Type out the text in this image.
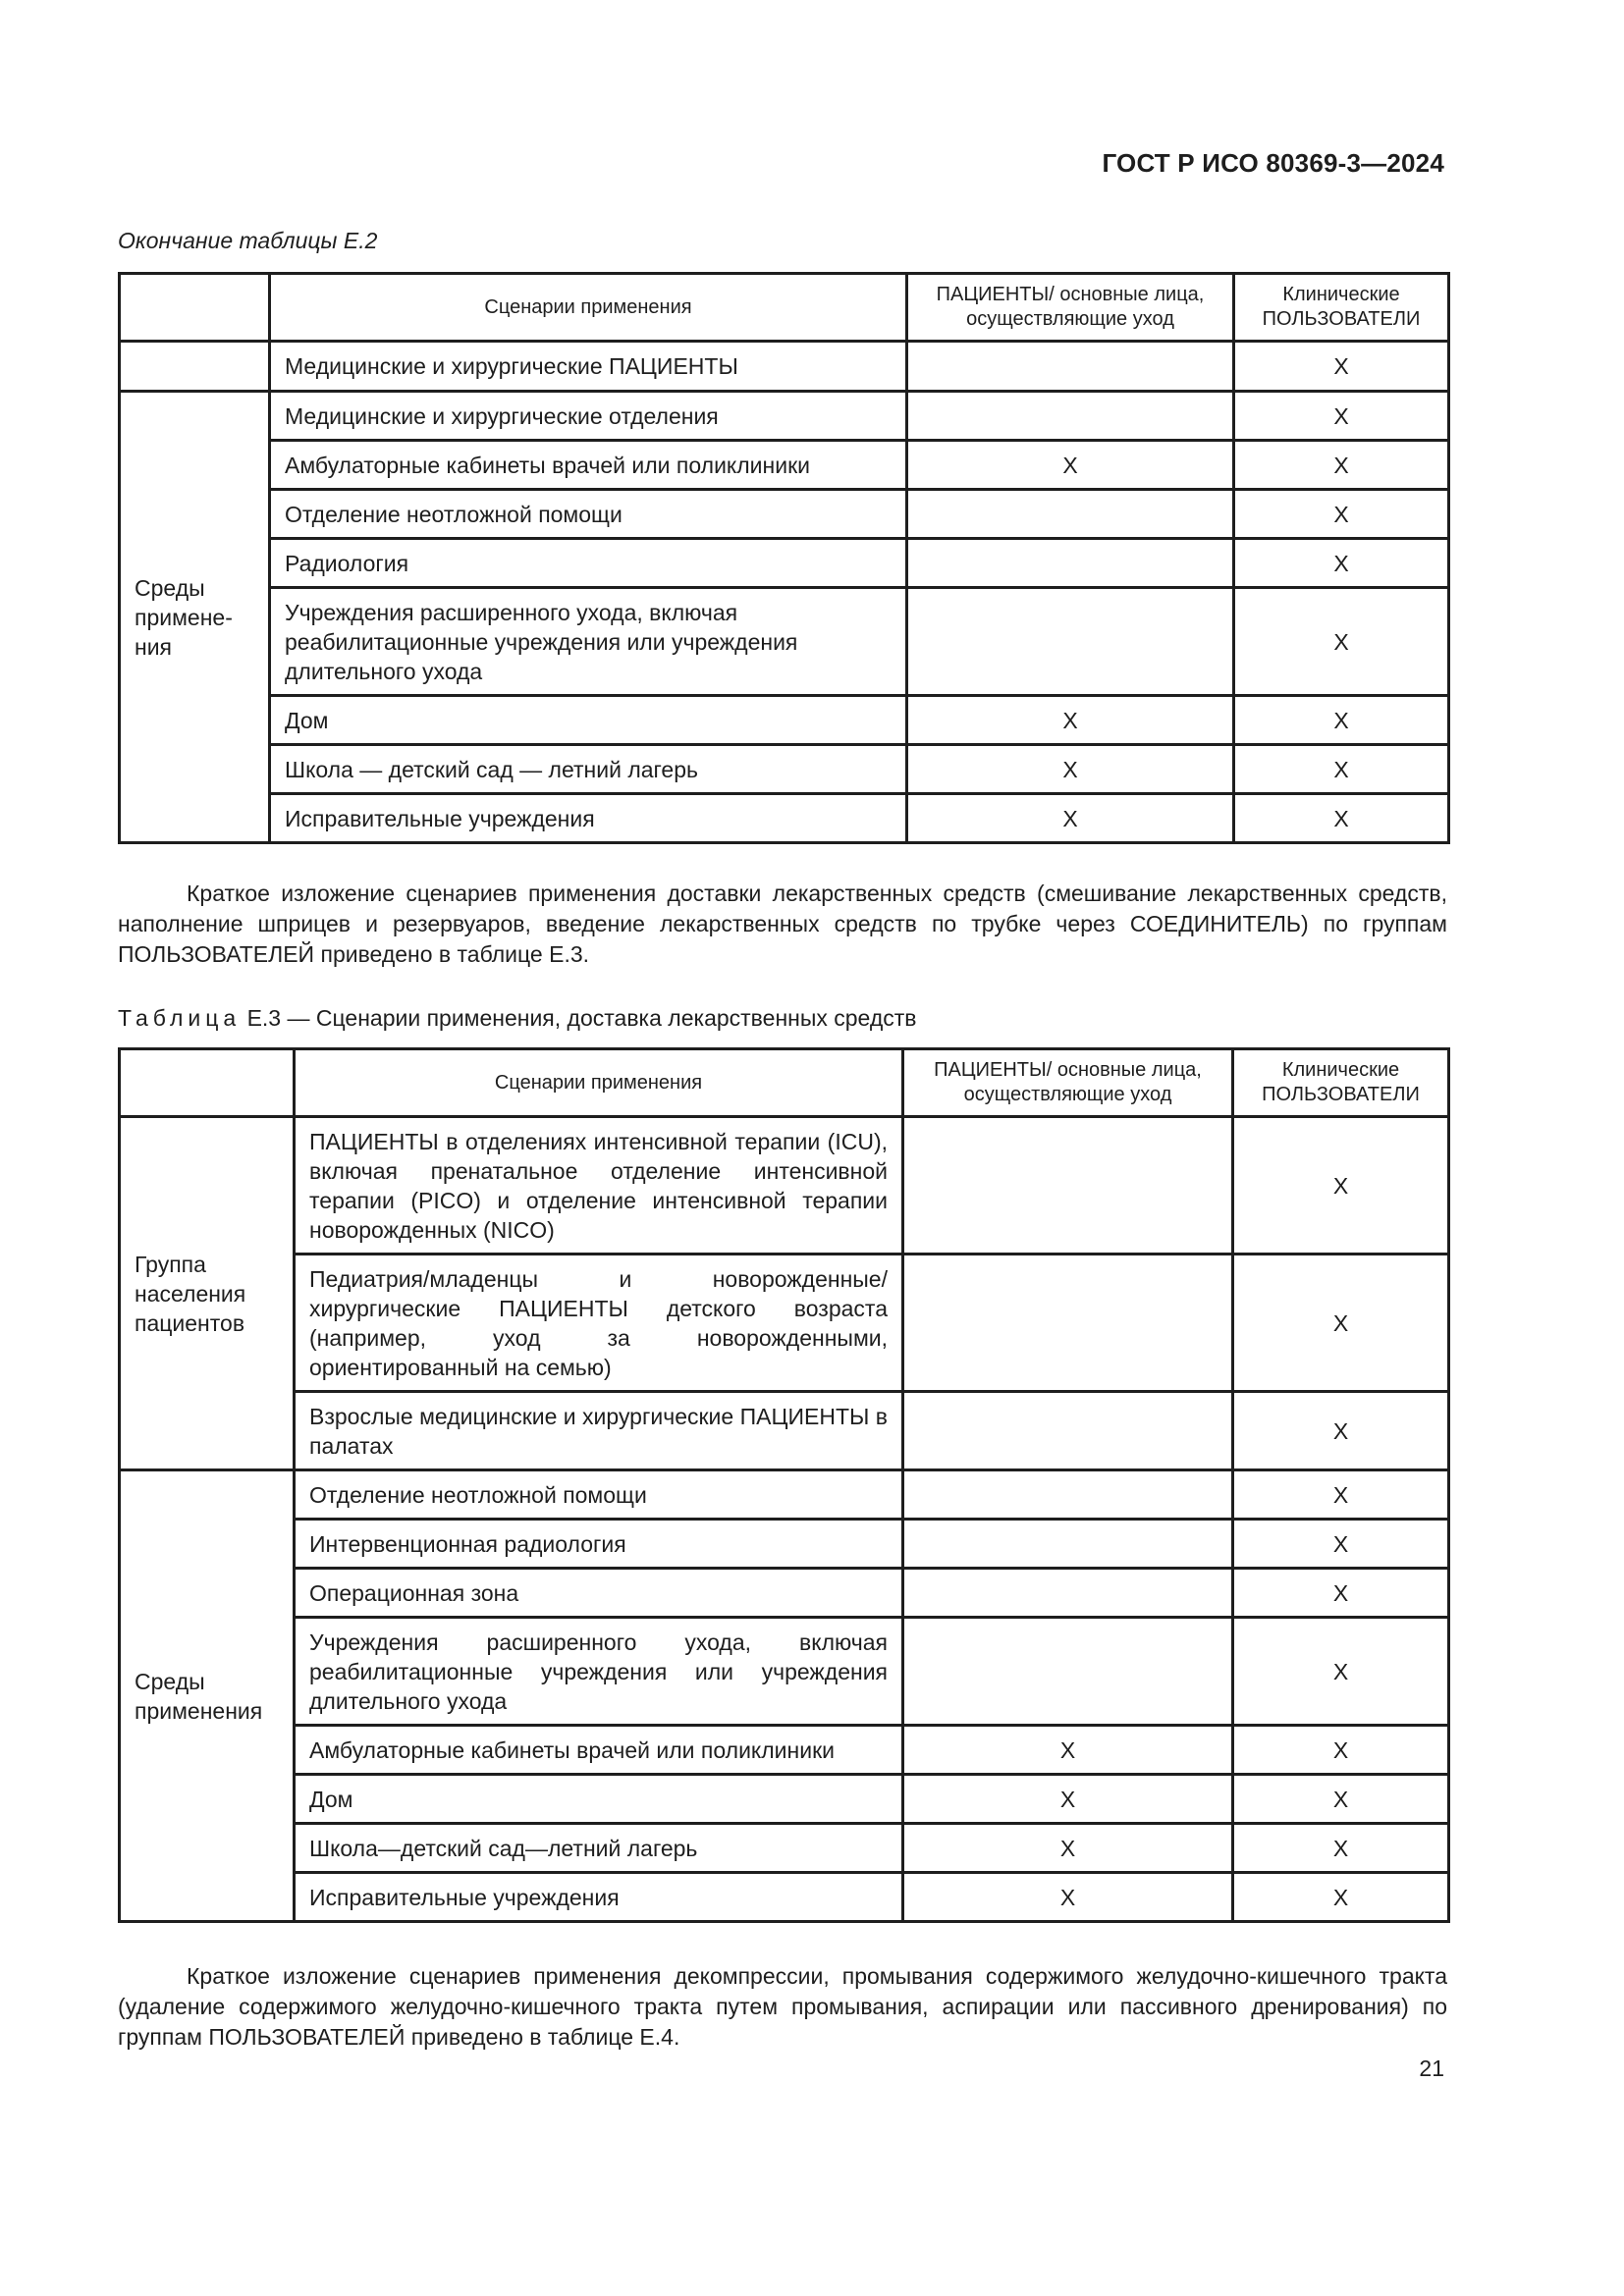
ГОСТ Р ИСО 80369-3—2024
Окончание таблицы Е.2
	Сценарии применения	ПАЦИЕНТЫ/ основные лица, осуществляющие уход	Клинические ПОЛЬЗОВАТЕЛИ
	Медицинские и хирургические ПАЦИЕНТЫ		X
Среды примене-ния	Медицинские и хирургические отделения		X
	Амбулаторные кабинеты врачей или поликлиники	X	X
	Отделение неотложной помощи		X
	Радиология		X
	Учреждения расширенного ухода, включая реабилитационные учреждения или учреждения длительного ухода		X
	Дом	X	X
	Школа — детский сад — летний лагерь	X	X
	Исправительные учреждения	X	X

Краткое изложение сценариев применения доставки лекарственных средств (смешивание лекарственных средств, наполнение шприцев и резервуаров, введение лекарственных средств по трубке через СОЕДИНИТЕЛЬ) по группам ПОЛЬЗОВАТЕЛЕЙ приведено в таблице Е.3.

Таблица Е.3 — Сценарии применения, доставка лекарственных средств
	Сценарии применения	ПАЦИЕНТЫ/ основные лица, осуществляющие уход	Клинические ПОЛЬЗОВАТЕЛИ
Группа населения пациентов	ПАЦИЕНТЫ в отделениях интенсивной терапии (ICU), включая пренатальное отделение интенсивной терапии (PICO) и отделение интенсивной терапии новорожденных (NICO)		X
	Педиатрия/младенцы и новорожденные/ хирургические ПАЦИЕНТЫ детского возраста (например, уход за новорожденными, ориентированный на семью)		X
	Взрослые медицинские и хирургические ПАЦИЕНТЫ в палатах		X
Среды применения	Отделение неотложной помощи		X
	Интервенционная радиология		X
	Операционная зона		X
	Учреждения расширенного ухода, включая реабилитационные учреждения или учреждения длительного ухода		X
	Амбулаторные кабинеты врачей или поликлиники	X	X
	Дом	X	X
	Школа—детский сад—летний лагерь	X	X
	Исправительные учреждения	X	X

Краткое изложение сценариев применения декомпрессии, промывания содержимого желудочно-кишечного тракта (удаление содержимого желудочно-кишечного тракта путем промывания, аспирации или пассивного дренирования) по группам ПОЛЬЗОВАТЕЛЕЙ приведено в таблице Е.4.

21
